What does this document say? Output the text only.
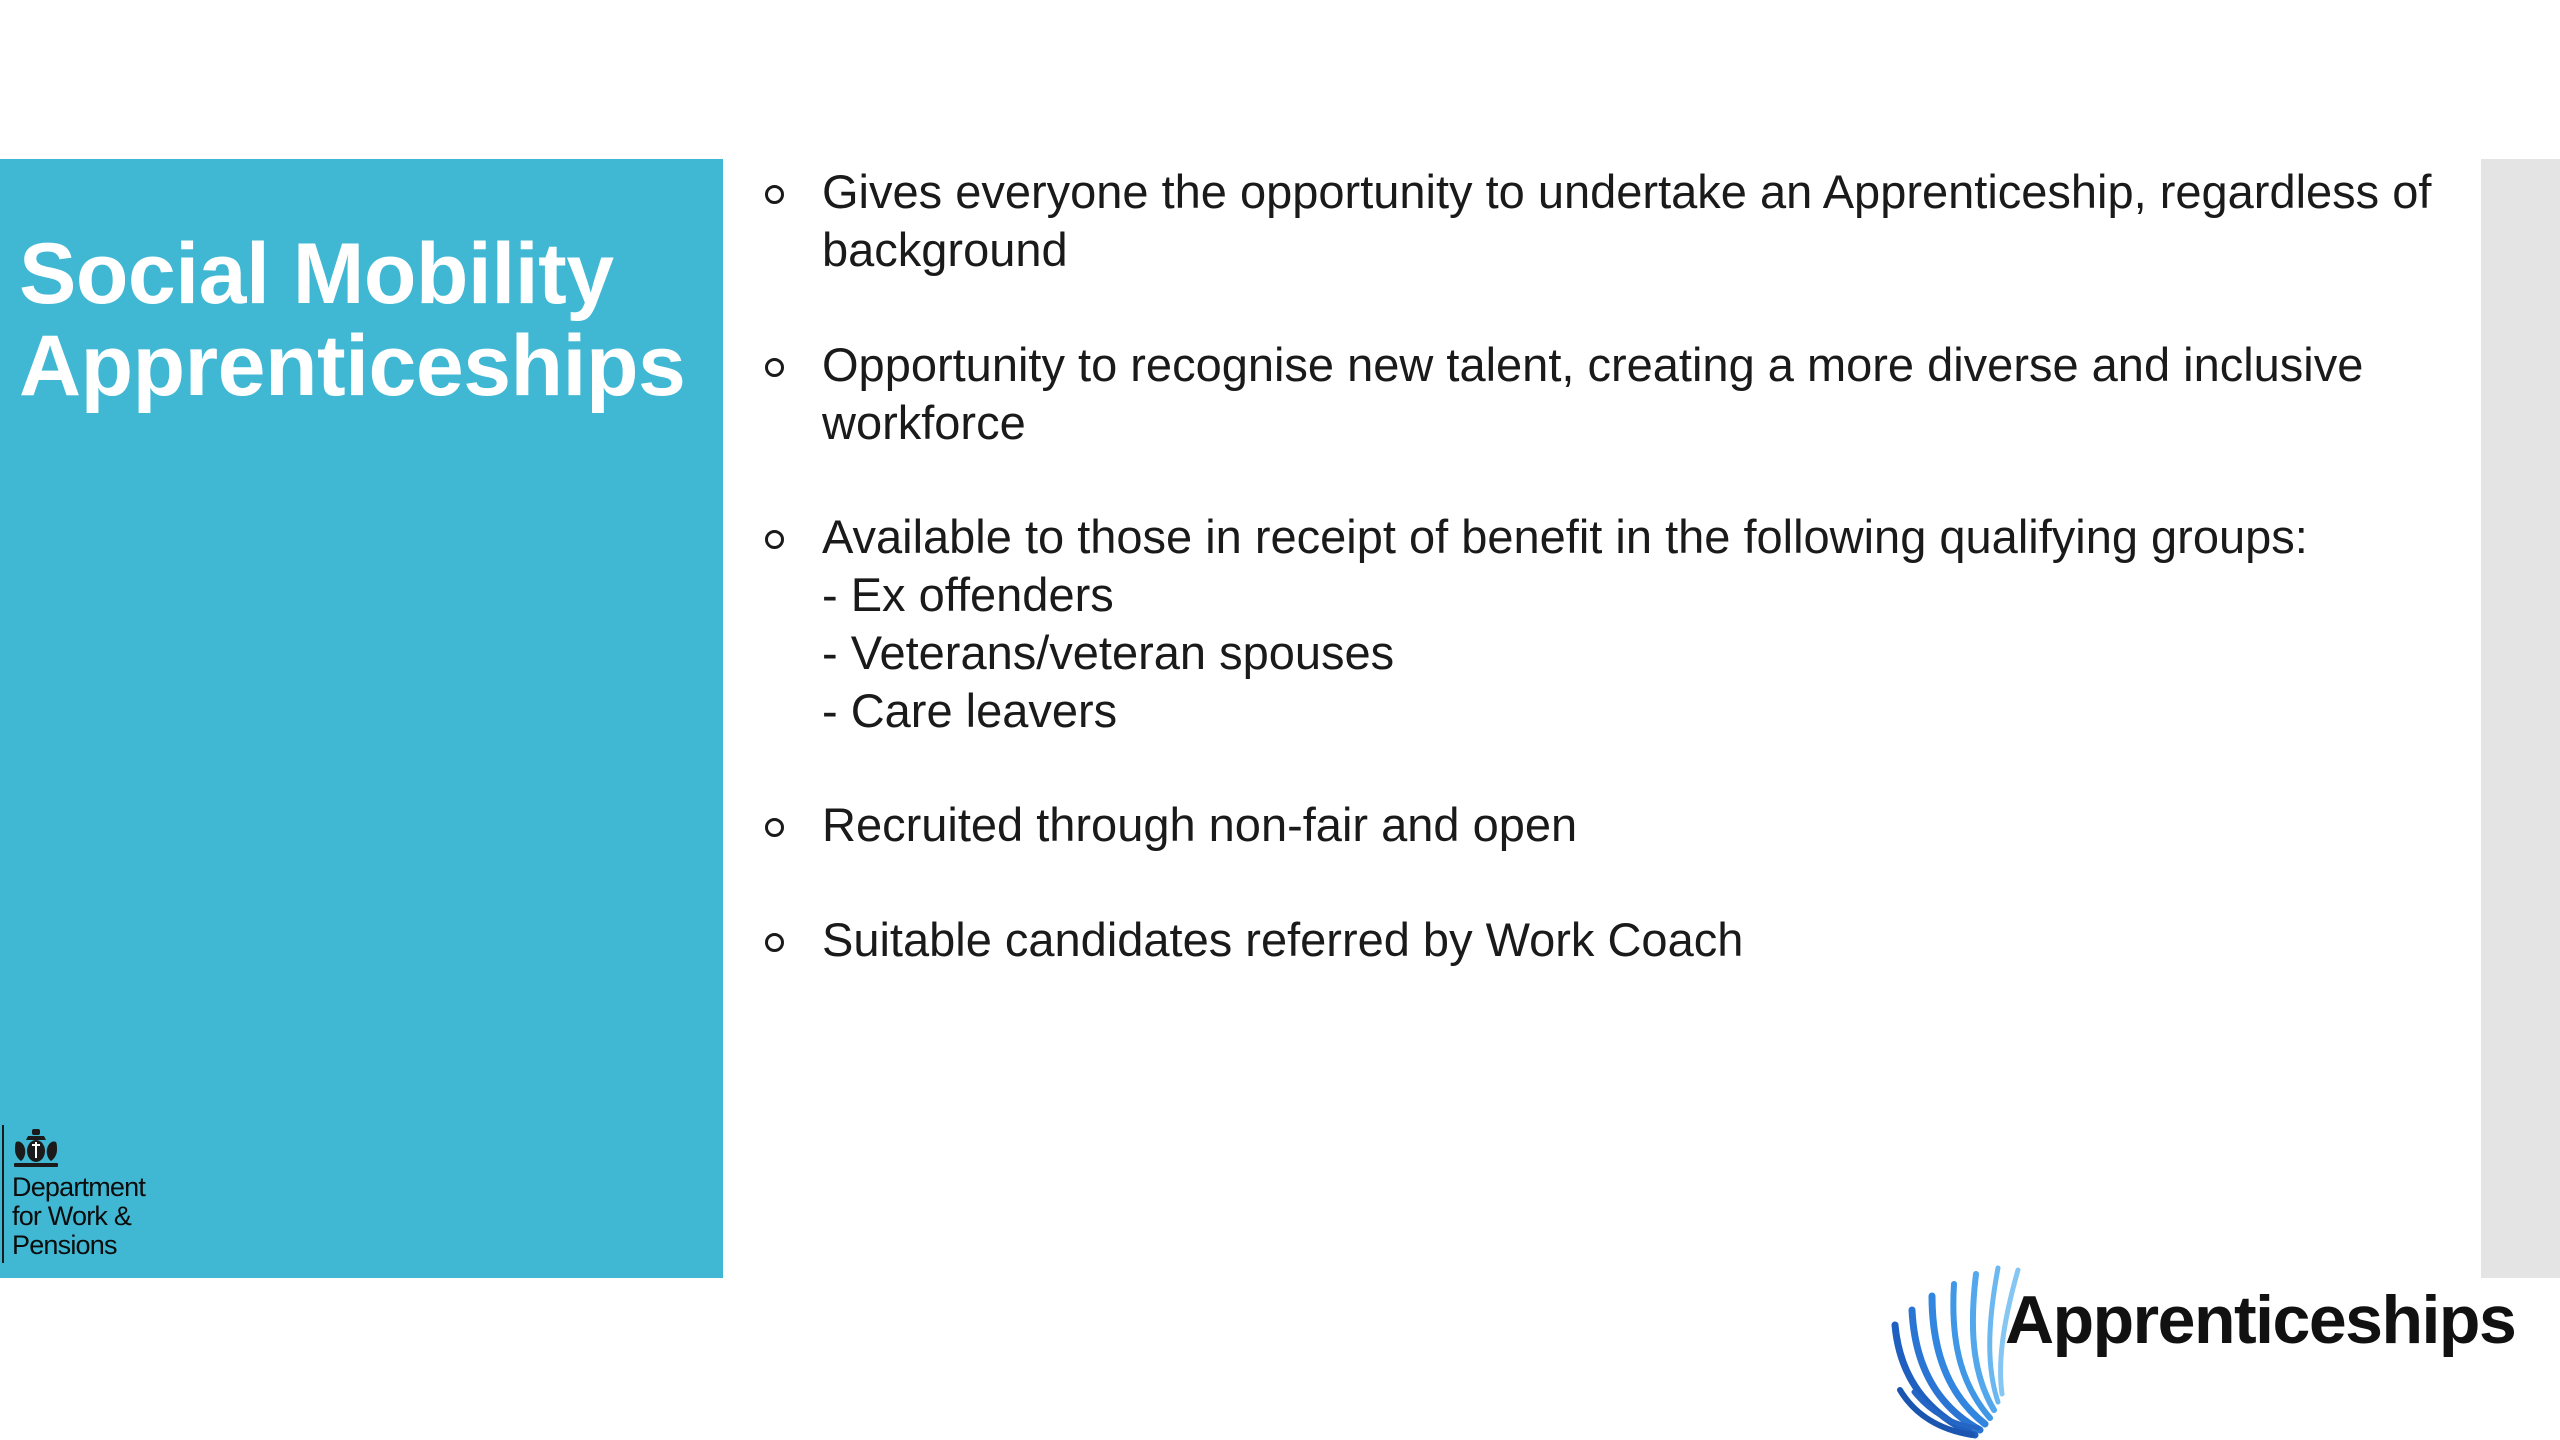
Social Mobility
Apprenticeships
Department
for Work &
Pensions
Gives everyone the opportunity to undertake an Apprenticeship, regardless of background
Opportunity to recognise new talent, creating a more diverse and inclusive workforce
Available to those in receipt of benefit in the following qualifying groups:
- Ex offenders
- Veterans/veteran spouses
- Care leavers
Recruited through non-fair and open
Suitable candidates referred by Work Coach
Apprenticeships
